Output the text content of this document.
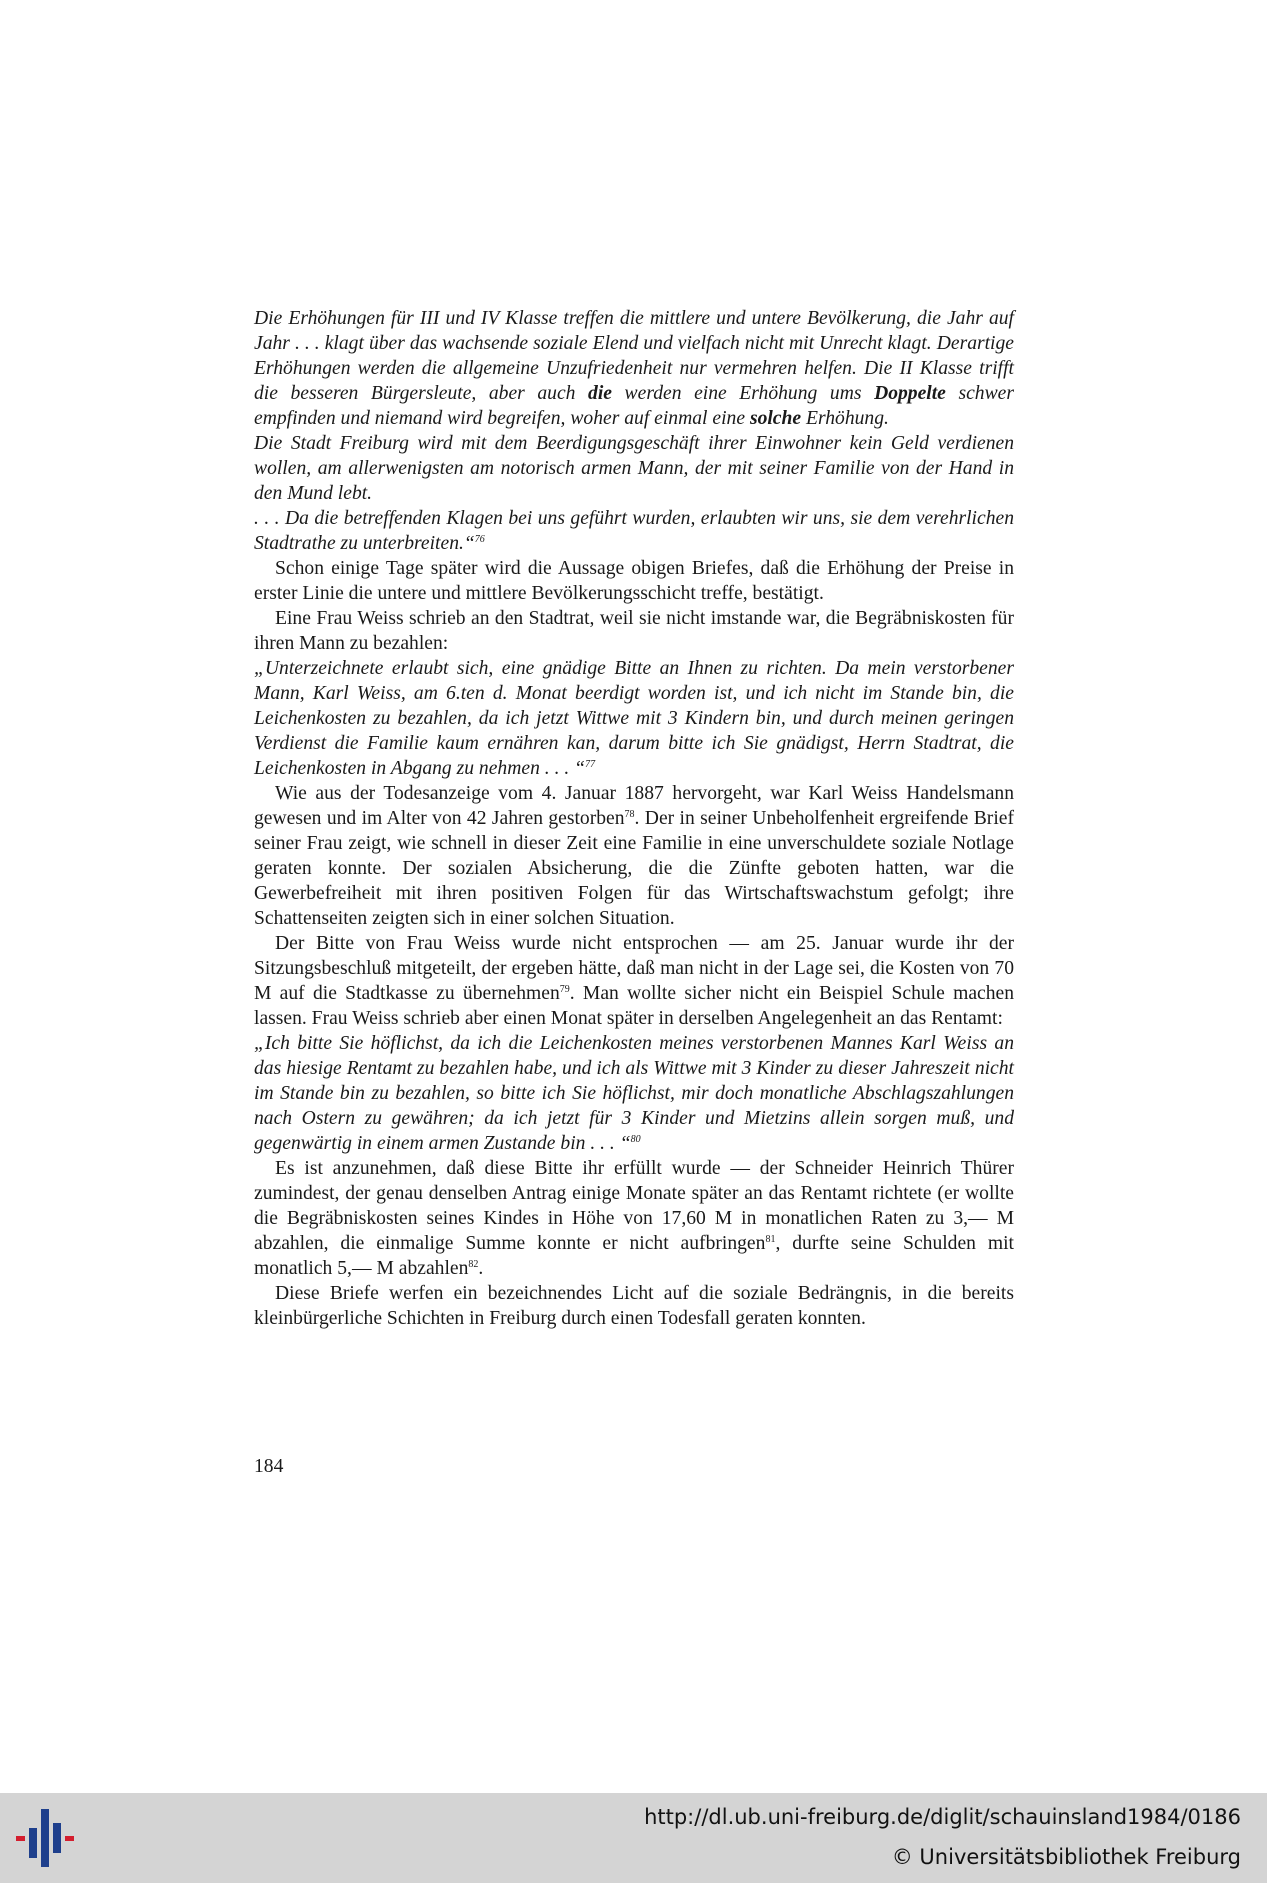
Die Erhöhungen für III und IV Klasse treffen die mittlere und untere Bevölkerung, die Jahr auf Jahr . . . klagt über das wachsende soziale Elend und vielfach nicht mit Unrecht klagt. Derartige Erhöhungen werden die allgemeine Unzufriedenheit nur vermehren helfen. Die II Klasse trifft die besseren Bürgersleute, aber auch die werden eine Erhöhung ums Doppelte schwer empfinden und niemand wird begreifen, woher auf einmal eine solche Erhöhung.

Die Stadt Freiburg wird mit dem Beerdigungsgeschäft ihrer Einwohner kein Geld verdienen wollen, am allerwenigsten am notorisch armen Mann, der mit seiner Familie von der Hand in den Mund lebt.

. . . Da die betreffenden Klagen bei uns geführt wurden, erlaubten wir uns, sie dem verehrlichen Stadtrathe zu unterbreiten.“$^{76}$

Schon einige Tage später wird die Aussage obigen Briefes, daß die Erhöhung der Preise in erster Linie die untere und mittlere Bevölkerungsschicht treffe, bestätigt.

Eine Frau Weiss schrieb an den Stadtrat, weil sie nicht imstande war, die Begräbniskosten für ihren Mann zu bezahlen:

„Unterzeichnete erlaubt sich, eine gnädige Bitte an Ihnen zu richten. Da mein verstorbener Mann, Karl Weiss, am 6.ten d. Monat beerdigt worden ist, und ich nicht im Stande bin, die Leichenkosten zu bezahlen, da ich jetzt Wittwe mit 3 Kindern bin, und durch meinen geringen Verdienst die Familie kaum ernähren kan, darum bitte ich Sie gnädigst, Herrn Stadtrat, die Leichenkosten in Abgang zu nehmen . . . “$^{77}$

Wie aus der Todesanzeige vom 4. Januar 1887 hervorgeht, war Karl Weiss Handelsmann gewesen und im Alter von 42 Jahren gestorben$^{78}$. Der in seiner Unbeholfenheit ergreifende Brief seiner Frau zeigt, wie schnell in dieser Zeit eine Familie in eine unverschuldete soziale Notlage geraten konnte. Der sozialen Absicherung, die die Zünfte geboten hatten, war die Gewerbefreiheit mit ihren positiven Folgen für das Wirtschaftswachstum gefolgt; ihre Schattenseiten zeigten sich in einer solchen Situation.

Der Bitte von Frau Weiss wurde nicht entsprochen — am 25. Januar wurde ihr der Sitzungsbeschluß mitgeteilt, der ergeben hätte, daß man nicht in der Lage sei, die Kosten von 70 M auf die Stadtkasse zu übernehmen$^{79}$. Man wollte sicher nicht ein Beispiel Schule machen lassen. Frau Weiss schrieb aber einen Monat später in derselben Angelegenheit an das Rentamt:

„Ich bitte Sie höflichst, da ich die Leichenkosten meines verstorbenen Mannes Karl Weiss an das hiesige Rentamt zu bezahlen habe, und ich als Wittwe mit 3 Kinder zu dieser Jahreszeit nicht im Stande bin zu bezahlen, so bitte ich Sie höflichst, mir doch monatliche Abschlagszahlungen nach Ostern zu gewähren; da ich jetzt für 3 Kinder und Mietzins allein sorgen muß, und gegenwärtig in einem armen Zustande bin . . . “$^{80}$

Es ist anzunehmen, daß diese Bitte ihr erfüllt wurde — der Schneider Heinrich Thürer zumindest, der genau denselben Antrag einige Monate später an das Rentamt richtete (er wollte die Begräbniskosten seines Kindes in Höhe von 17,60 M in monatlichen Raten zu 3,— M abzahlen, die einmalige Summe konnte er nicht aufbringen$^{81}$, durfte seine Schulden mit monatlich 5,— M abzahlen$^{82}$.

Diese Briefe werfen ein bezeichnendes Licht auf die soziale Bedrängnis, in die bereits kleinbürgerliche Schichten in Freiburg durch einen Todesfall geraten konnten.

184
http://dl.ub.uni-freiburg.de/diglit/schauinsland1984/0186
© Universitätsbibliothek Freiburg
